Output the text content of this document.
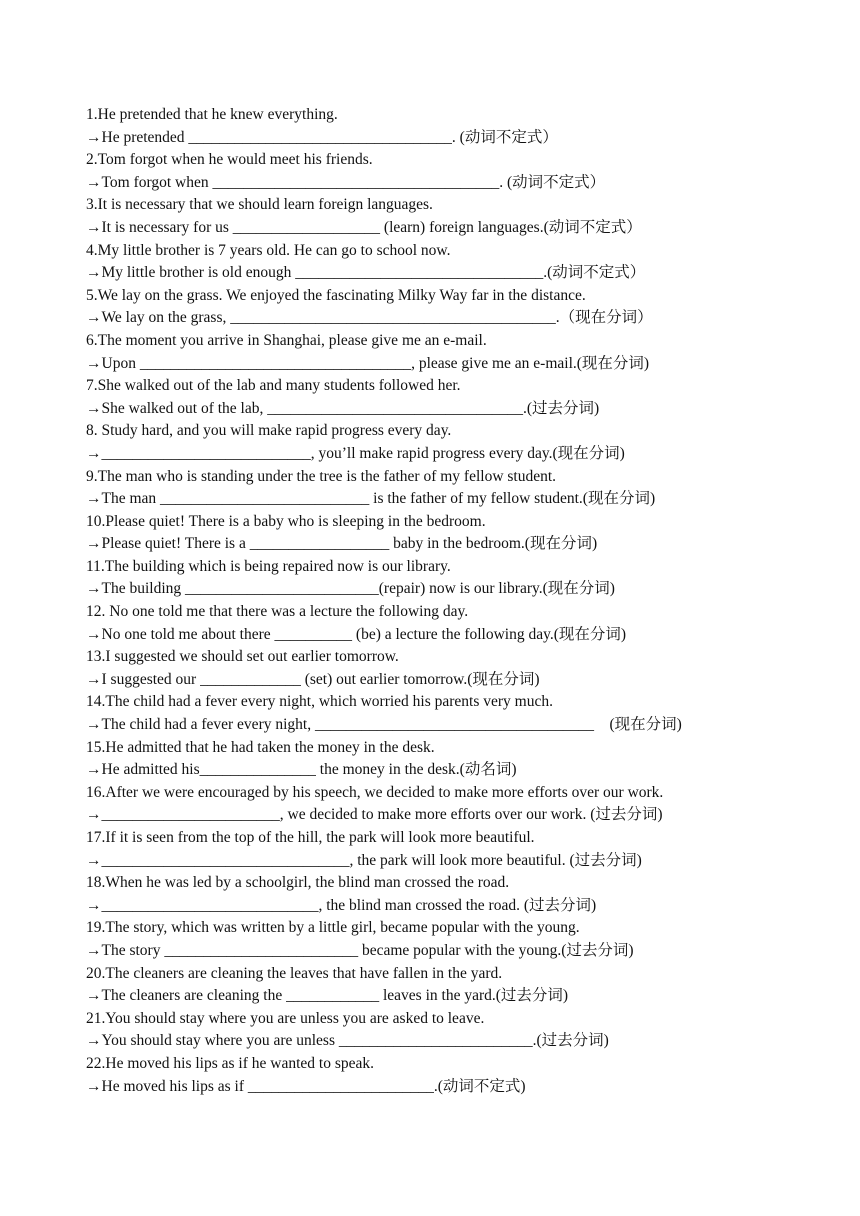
1.He pretended that he knew everything.
→He pretended __________________________________. (动词不定式）
2.Tom forgot when he would meet his friends.
→Tom forgot when _____________________________________. (动词不定式）
3.It is necessary that we should learn foreign languages.
→It is necessary for us ___________________ (learn) foreign languages.(动词不定式）
4.My little brother is 7 years old. He can go to school now.
→My little brother is old enough ________________________________.(动词不定式）
5.We lay on the grass. We enjoyed the fascinating Milky Way far in the distance.
→We lay on the grass, __________________________________________.（现在分词）
6.The moment you arrive in Shanghai, please give me an e-mail.
→Upon ___________________________________, please give me an e-mail.(现在分词)
7.She walked out of the lab and many students followed her.
→She walked out of the lab, _________________________________.(过去分词)
8. Study hard, and you will make rapid progress every day.
→___________________________, you’ll make rapid progress every day.(现在分词)
9.The man who is standing under the tree is the father of my fellow student.
→The man ___________________________ is the father of my fellow student.(现在分词)
10.Please quiet! There is a baby who is sleeping in the bedroom.
→Please quiet! There is a __________________ baby in the bedroom.(现在分词)
11.The building which is being repaired now is our library.
→The building _________________________(repair) now is our library.(现在分词)
12. No one told me that there was a lecture the following day.
→No one told me about there __________ (be) a lecture the following day.(现在分词)
13.I suggested we should set out earlier tomorrow.
→I suggested our _____________ (set) out earlier tomorrow.(现在分词)
14.The child had a fever every night, which worried his parents very much.
→The child had a fever every night, ____________________________________    (现在分词)
15.He admitted that he had taken the money in the desk.
→He admitted his_______________ the money in the desk.(动名词)
16.After we were encouraged by his speech, we decided to make more efforts over our work.
→_______________________, we decided to make more efforts over our work. (过去分词)
17.If it is seen from the top of the hill, the park will look more beautiful.
→________________________________, the park will look more beautiful. (过去分词)
18.When he was led by a schoolgirl, the blind man crossed the road.
→____________________________, the blind man crossed the road. (过去分词)
19.The story, which was written by a little girl, became popular with the young.
→The story _________________________ became popular with the young.(过去分词)
20.The cleaners are cleaning the leaves that have fallen in the yard.
→The cleaners are cleaning the ____________ leaves in the yard.(过去分词)
21.You should stay where you are unless you are asked to leave.
→You should stay where you are unless _________________________.(过去分词)
22.He moved his lips as if he wanted to speak.
→He moved his lips as if ________________________.(动词不定式)
